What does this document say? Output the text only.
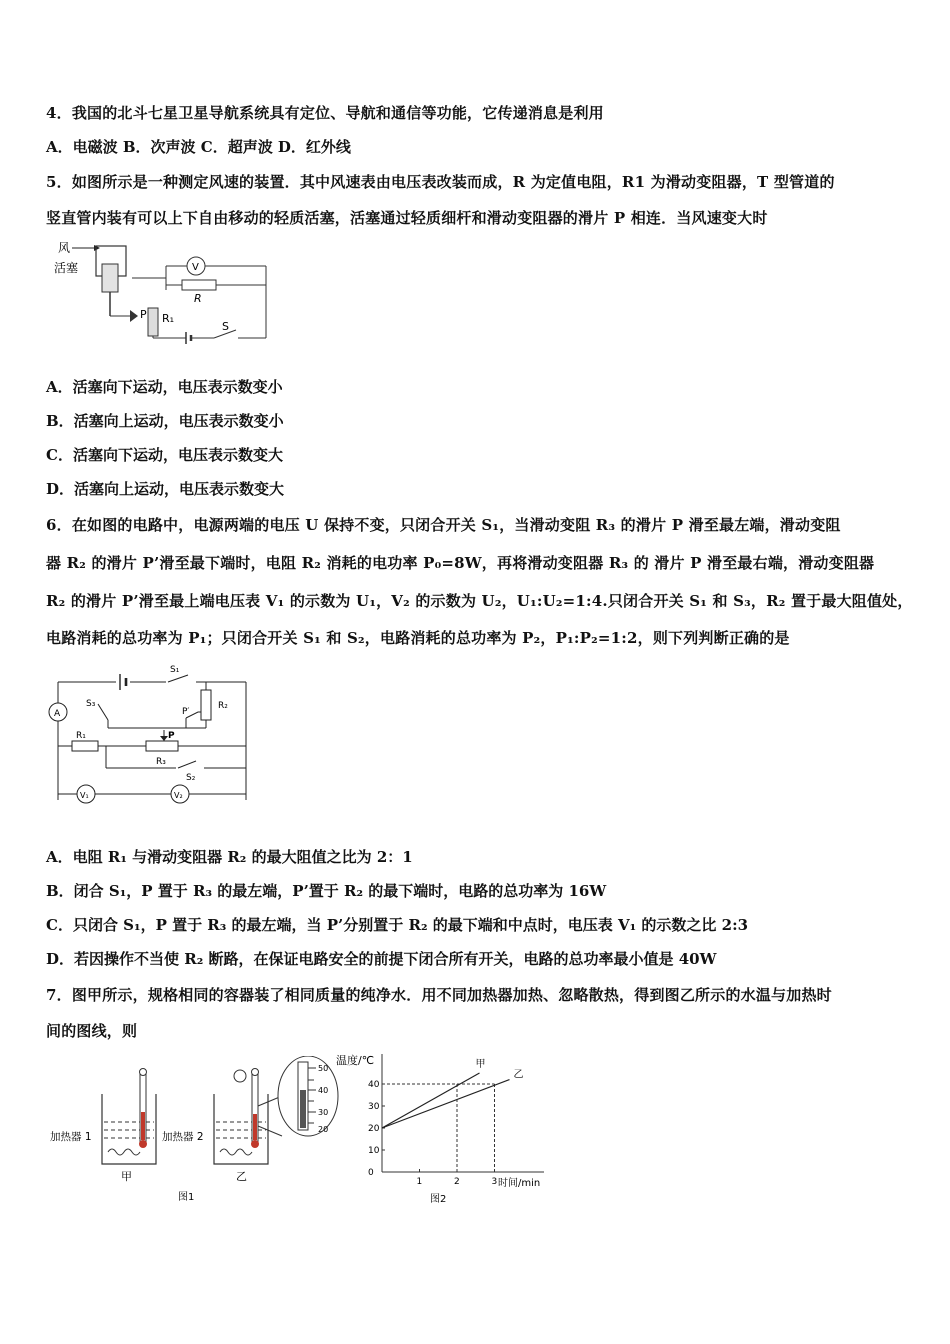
4．我国的北斗七星卫星导航系统具有定位、导航和通信等功能，它传递消息是利用
A．电磁波 B．次声波 C．超声波 D．红外线
5．如图所示是一种测定风速的装置．其中风速表由电压表改装而成，R 为定值电阻，R1 为滑动变阻器，T 型管道的
竖直管内装有可以上下自由移动的轻质活塞，活塞通过轻质细杆和滑动变阻器的滑片 P 相连．当风速变大时
风
活塞	V
R
P R₁
S
A．活塞向下运动，电压表示数变小
B．活塞向上运动，电压表示数变小
C．活塞向下运动，电压表示数变大
D．活塞向上运动，电压表示数变大
6．在如图的电路中，电源两端的电压 U 保持不变，只闭合开关 S₁，当滑动变阻 R₃ 的滑片 P 滑至最左端，滑动变阻
器 R₂ 的滑片 P’滑至最下端时，电阻 R₂ 消耗的电功率 P₀=8W，再将滑动变阻器 R₃ 的 滑片 P 滑至最右端，滑动变阻器
R₂ 的滑片 P’滑至最上端电压表 V₁ 的示数为 U₁，V₂ 的示数为 U₂，U₁:U₂=1:4.只闭合开关 S₁ 和 S₃，R₂ 置于最大阻值处，
电路消耗的总功率为 P₁；只闭合开关 S₁ 和 S₂，电路消耗的总功率为 P₂，P₁:P₂=1:2，则下列判断正确的是
S₁
R₂
P′
S₃
A
R₁	P
R₃
S₂
V₁	V₂
A．电阻 R₁ 与滑动变阻器 R₂ 的最大阻值之比为 2：1
B．闭合 S₁，P 置于 R₃ 的最左端，P’置于 R₂ 的最下端时，电路的总功率为 16W
C．只闭合 S₁，P 置于 R₃ 的最左端，当 P’分别置于 R₂ 的最下端和中点时，电压表 V₁ 的示数之比 2:3
D．若因操作不当使 R₂ 断路，在保证电路安全的前提下闭合所有开关，电路的总功率最小值是 40W
7．图甲所示，规格相同的容器装了相同质量的纯净水．用不同加热器加热、忽略散热，得到图乙所示的水温与加热时
间的图线，则
加热器 1
甲
加热器 2
乙
50
40
30
20
图1
温度/℃
时间/min
图2
0
10
20
30
40
1	2	3
甲
乙
